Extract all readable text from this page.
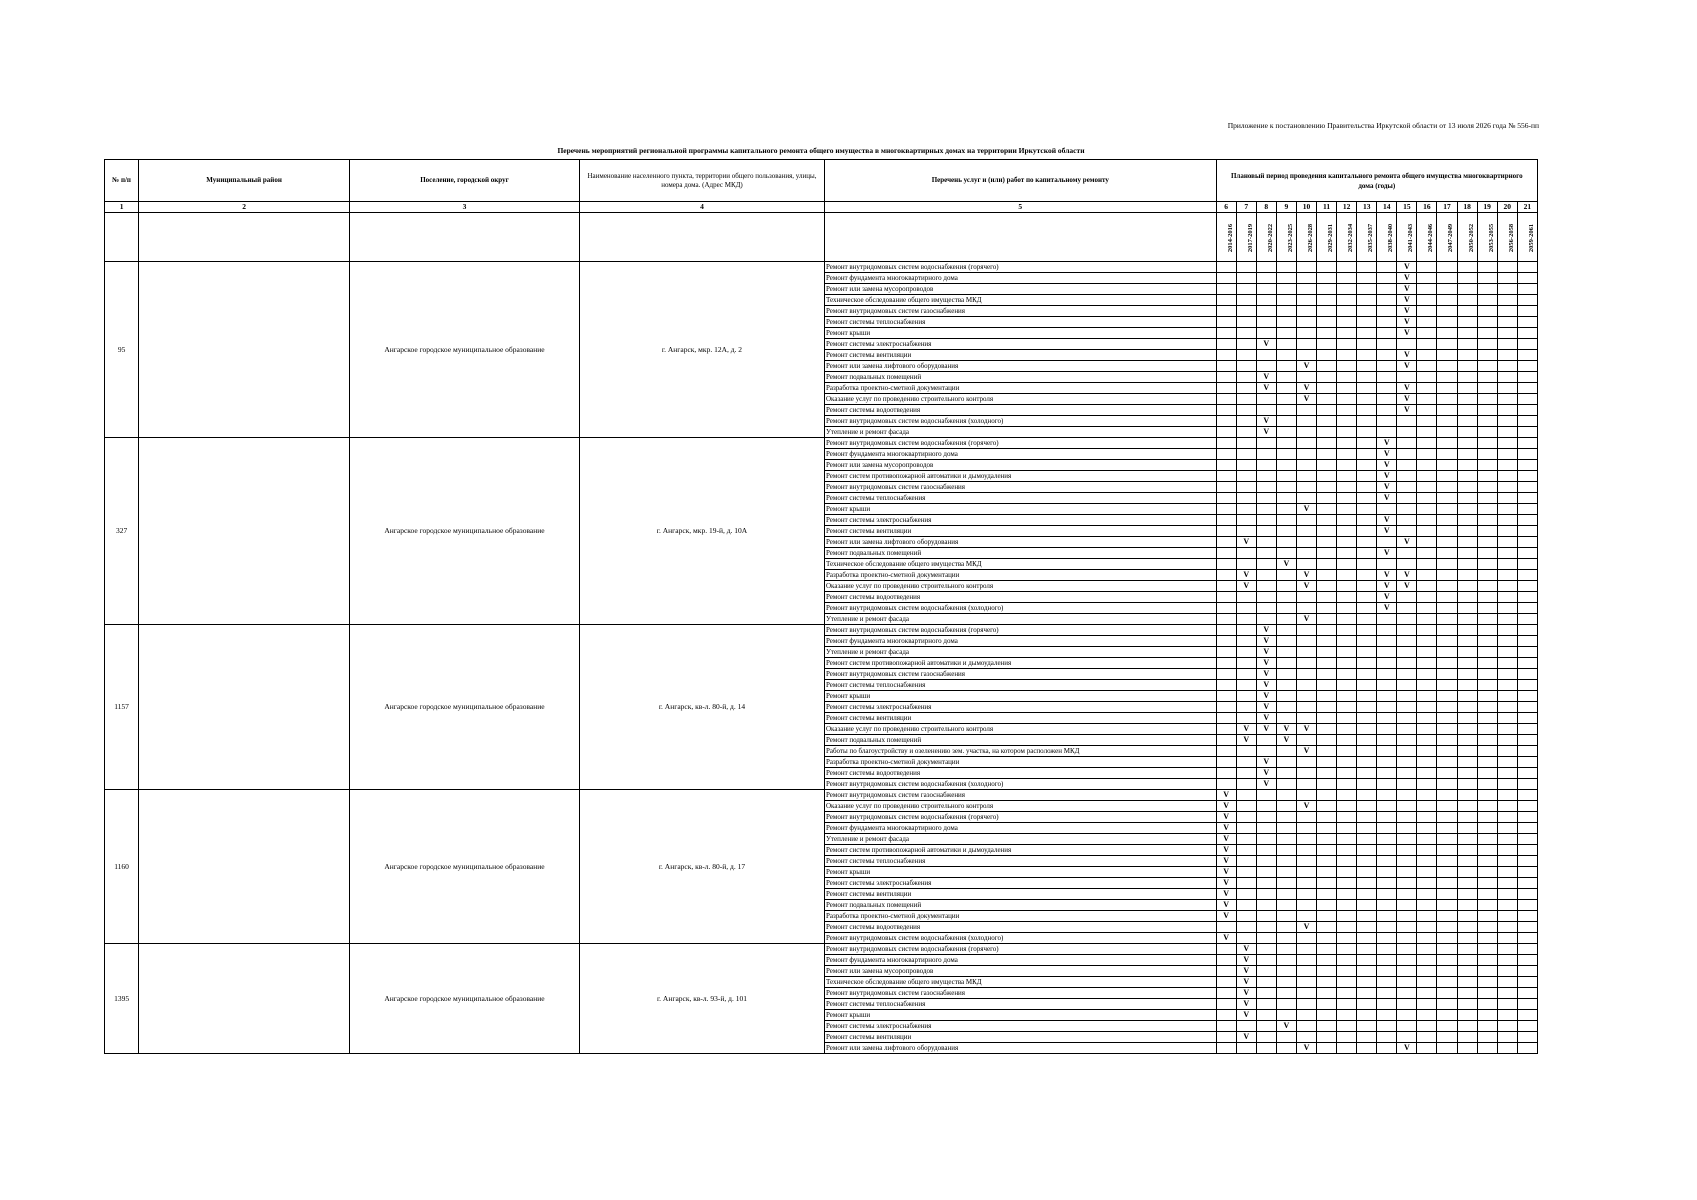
Приложение к постановлению Правительства Иркутской области от 13 июля 2026 года № 556-пп
Перечень мероприятий региональной программы капитального ремонта общего имущества в многоквартирных домах на территории Иркутской области
№ п/п	Муниципальный район	Поселение, городской округ	Наименование населенного пункта, территории общего пользования, улицы, номера дома. (Адрес МКД)	Перечень услуг и (или) работ по капитальному ремонту	Плановый период проведения капитального ремонта общего имущества многоквартирного дома (годы)															
1	2	3	4	5	6	7	8	9	10	11	12	13	14	15	16	17	18	19	20	21
					2014-2016	2017-2019	2020-2022	2023-2025	2026-2028	2029-2031	2032-2034	2035-2037	2038-2040	2041-2043	2044-2046	2047-2049	2050-2052	2053-2055	2056-2058	2059-2061
95		Ангарское городское муниципальное образование	г. Ангарск, мкр. 12А, д. 2	Ремонт внутридомовых систем водоснабжения (горячего)										V						
				Ремонт фундамента многоквартирного дома										V						
				Ремонт или замена мусоропроводов										V						
				Техническое обследование общего имущества МКД										V						
				Ремонт внутридомовых систем газоснабжения										V						
				Ремонт системы теплоснабжения										V						
				Ремонт крыши										V						
				Ремонт системы электроснабжения			V													
				Ремонт системы вентиляции										V						
				Ремонт или замена лифтового оборудования					V					V						
				Ремонт подвальных помещений			V													
				Разработка проектно-сметной документации			V		V					V						
				Оказание услуг по проведению строительного контроля					V					V						
				Ремонт системы водоотведения										V						
				Ремонт внутридомовых систем водоснабжения (холодного)			V													
				Утепление и ремонт фасада			V													
327		Ангарское городское муниципальное образование	г. Ангарск, мкр. 19-й, д. 10А	Ремонт внутридомовых систем водоснабжения (горячего)									V							
				Ремонт фундамента многоквартирного дома									V							
				Ремонт или замена мусоропроводов									V							
				Ремонт систем противопожарной автоматики и дымоудаления									V							
				Ремонт внутридомовых систем газоснабжения									V							
				Ремонт системы теплоснабжения									V							
				Ремонт крыши					V											
				Ремонт системы электроснабжения									V							
				Ремонт системы вентиляции									V							
				Ремонт или замена лифтового оборудования		V								V						
				Ремонт подвальных помещений									V							
				Техническое обследование общего имущества МКД				V												
				Разработка проектно-сметной документации		V			V				V	V						
				Оказание услуг по проведению строительного контроля		V			V				V	V						
				Ремонт системы водоотведения									V							
				Ремонт внутридомовых систем водоснабжения (холодного)									V							
				Утепление и ремонт фасада					V											
1157		Ангарское городское муниципальное образование	г. Ангарск, кв-л. 80-й, д. 14	Ремонт внутридомовых систем водоснабжения (горячего)			V													
				Ремонт фундамента многоквартирного дома			V													
				Утепление и ремонт фасада			V													
				Ремонт систем противопожарной автоматики и дымоудаления			V													
				Ремонт внутридомовых систем газоснабжения			V													
				Ремонт системы теплоснабжения			V													
				Ремонт крыши			V													
				Ремонт системы электроснабжения			V													
				Ремонт системы вентиляции			V													
				Оказание услуг по проведению строительного контроля		V	V	V	V											
				Ремонт подвальных помещений		V		V												
				Работы по благоустройству и озеленению зем. участка, на котором расположен МКД					V											
				Разработка проектно-сметной документации			V													
				Ремонт системы водоотведения			V													
				Ремонт внутридомовых систем водоснабжения (холодного)			V													
1160		Ангарское городское муниципальное образование	г. Ангарск, кв-л. 80-й, д. 17	Ремонт внутридомовых систем газоснабжения	V															
				Оказание услуг по проведению строительного контроля	V				V											
				Ремонт внутридомовых систем водоснабжения (горячего)	V															
				Ремонт фундамента многоквартирного дома	V															
				Утепление и ремонт фасада	V															
				Ремонт систем противопожарной автоматики и дымоудаления	V															
				Ремонт системы теплоснабжения	V															
				Ремонт крыши	V															
				Ремонт системы электроснабжения	V															
				Ремонт системы вентиляции	V															
				Ремонт подвальных помещений	V															
				Разработка проектно-сметной документации	V															
				Ремонт системы водоотведения					V											
				Ремонт внутридомовых систем водоснабжения (холодного)	V															
1395		Ангарское городское муниципальное образование	г. Ангарск, кв-л. 93-й, д. 101	Ремонт внутридомовых систем водоснабжения (горячего)		V														
				Ремонт фундамента многоквартирного дома		V														
				Ремонт или замена мусоропроводов		V														
				Техническое обследование общего имущества МКД		V														
				Ремонт внутридомовых систем газоснабжения		V														
				Ремонт системы теплоснабжения		V														
				Ремонт крыши		V														
				Ремонт системы электроснабжения				V												
				Ремонт системы вентиляции		V														
				Ремонт или замена лифтового оборудования					V					V						
